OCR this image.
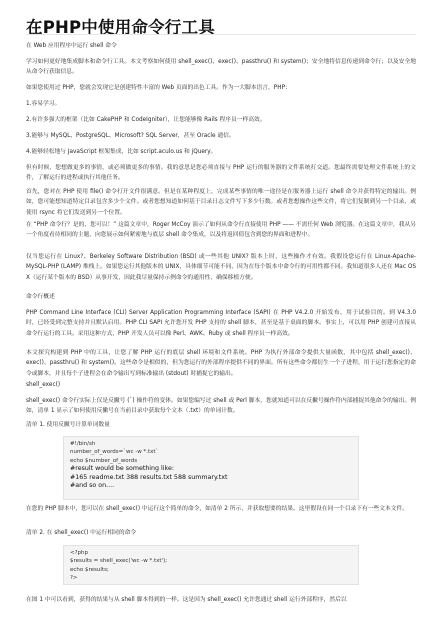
在PHP中使用命令行工具

在 Web 应用程序中运行 shell 命令

学习如何更好地集成脚本和命令行工具。本文考察如何使用 shell_exec()、exec()、passthru() 和 system()；安全地将信息传递到命令行；以及安全地从命令行获取信息。

如果您使用过 PHP，您就会发现它是创建特性丰富的 Web 页面的出色工具。作为一大脚本语言，PHP：

1.容易学习。

2.有许多强大的框架（比如 CakePHP 和 CodeIgniter），让您能够像 Rails 程序员一样高效。

3.能够与 MySQL、PostgreSQL、Microsoft? SQL Server，甚至 Oracle 通信。

4.能够轻松地与 JavaScript 框架集成，比如 script.aculo.us 和 jQuery。

但有时候，您想做更多的事情，或必须做更多的事情。我的意思是您必须直接与 PHP 运行的服务器的文件系统打交道。您最终需要处理文件系统上的文件，了解运行的进程或执行其他任务。

首先，您对在 PHP 使用 file() 命令打开文件很满意。但是在某种程度上，完成某些事情的唯一途径是在服务器上运行 shell 命令并获得特定的输出。例如，您可能想知道特定目录包含多少个文件。或者您想知道如何基于目录日志文件写下多少行数。或者您想操作这些文件，将它们复制到另一个目录，或使用 rsync 将它们发送到另一个位置。

在 “PHP 命令行？是的，您可以！” 这篇文章中，Roger McCoy 演示了如何从命令行直接使用 PHP —— 不需任何 Web 浏览器。在这篇文章中，我从另一个角度看待相同的主题，向您展示如何紧密地与底层 shell 命令集成，以及将返回值包含到您的界面和进程中。

仅当您运行在 Linux?、Berkeley Software Distribution (BSD) 或一些其他 UNIX? 版本上时，这些操作才有效。我假设您运行在 Linux-Apache-MySQL-PHP (LAMP) 堆栈上。如果您运行其他版本的 UNIX，具体细节可能不同，因为在每个版本中命令行的可用性都不同。我知道很多人还在 Mac OS X（运行某个版本的 BSD）从事开发，因此我尽量保持示例命令的通用性，确保移植方便。

命令行概述

PHP Command Line Interface (CLI) Server Application Programming Interface (SAPI) 在 PHP V4.2.0 开始发布，用于试验目的。到 V4.3.0 时，已经受到完整支持并且默认启用。PHP CLI SAPI 允许您开发 PHP 支持的 shell 脚本，甚至是基于桌面的脚本。事实上，可以用 PHP 创建可直接从命令行运行的工具。采用这种方式，PHP 开发人员可以像 Perl、AWK、Ruby 或 shell 程序员一样高效。

本文探究构建到 PHP 中的工具，让您了解 PHP 运行的底层 shell 环境和文件系统。PHP 为执行外部命令提供大量函数，其中包括 shell_exec()、exec()、passthru() 和 system()。这些命令是相似的，但为您运行的外部程序提供不同的界面。所有这些命令都衍生一个子进程，用于运行您指定的命令或脚本，并且每个子进程会在命令输出写到标准输出 (stdout) 时捕捉它的输出。

shell_exec()

shell_exec() 命令行实际上仅是反撇号 (`) 操作符的变体。如果您编写过 shell 或 Perl 脚本，您就知道可以在反撇号操作符内部捕捉其他命令的输出。例如，清单 1 显示了如何使用反撇号在当前目录中获取每个文本（.txt）的单词计数。

清单 1. 使用反撇号计算单词数量

#!/bin/sh
number_of_words=`wc -w *.txt`
echo $number_of_words
#result would be something like:
#165 readme.txt 388 results.txt 588 summary.txt
#and so on....

在您的 PHP 脚本中，您可以在 shell_exec() 中运行这个简单的命令，如清单 2 所示，并获取想要的结果。这里假设在同一个目录下有一些文本文件。

清单 2. 在 shell_exec() 中运行相同的命令

<?php
$results = shell_exec('wc -w *.txt');
echo $results;
?>

在图 1 中可以看到，获得的结果与从 shell 脚本得到的一样。这是因为 shell_exec() 允许您通过 shell 运行外部程序，然后以
